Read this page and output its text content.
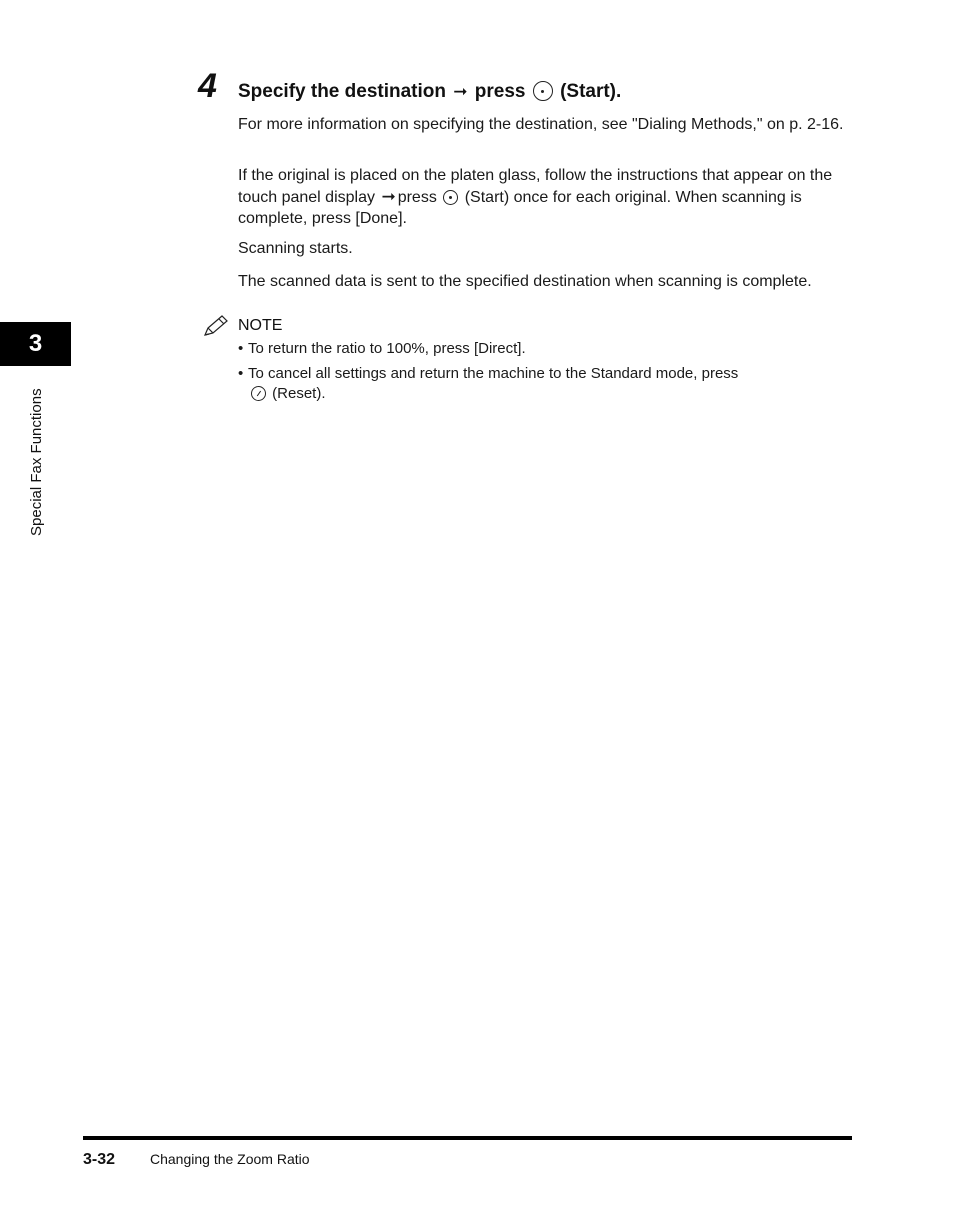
4 Specify the destination ➞ press (Start).
For more information on specifying the destination, see "Dialing Methods," on p. 2-16.
If the original is placed on the platen glass, follow the instructions that appear on the touch panel display ➞ press (Start) once for each original. When scanning is complete, press [Done].
Scanning starts.
The scanned data is sent to the specified destination when scanning is complete.
NOTE
• To return the ratio to 100%, press [Direct].
• To cancel all settings and return the machine to the Standard mode, press
(Reset).
3
Special Fax Functions
3-32 Changing the Zoom Ratio
